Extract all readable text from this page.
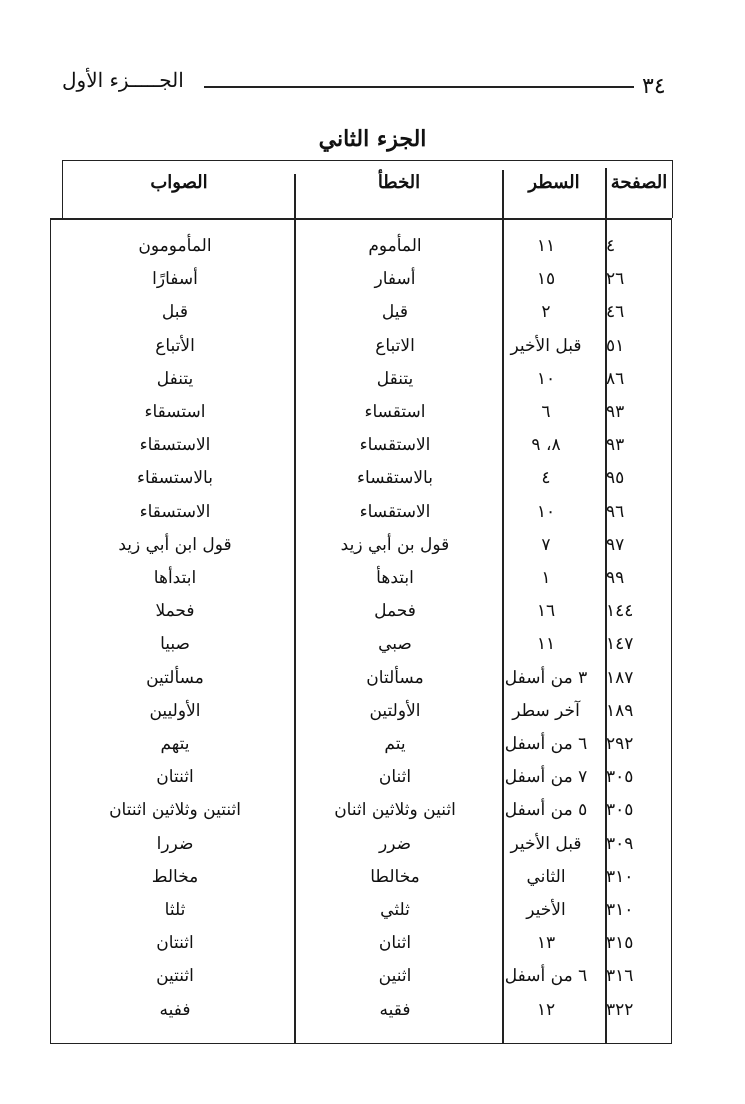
الجـــــزء الأول	٣٤
الجزء الثاني
الصفحة
السطر
الخطأ
الصواب
٤
١١
المأموم
المأمومون
٢٦
١٥
أسفار
أسفارًا
٤٦
٢
قيل
قبل
٥١
قبل الأخير
الاتباع
الأتباع
٨٦
١٠
يتنقل
يتنفل
٩٣
٦
استقساء
استسقاء
٩٣
٨، ٩
الاستقساء
الاستسقاء
٩٥
٤
بالاستقساء
بالاستسقاء
٩٦
١٠
الاستقساء
الاستسقاء
٩٧
٧
قول بن أبي زيد
قول ابن أبي زيد
٩٩
١
ابتدهأ
ابتدأها
١٤٤
١٦
فحمل
فحملا
١٤٧
١١
صبي
صبيا
١٨٧
٣ من أسفل
مسألتان
مسألتين
١٨٩
آخر سطر
الأولتين
الأوليين
٢٩٢
٦ من أسفل
يتم
يتهم
٣٠٥
٧ من أسفل
اثنان
اثنتان
٣٠٥
٥ من أسفل
اثنين وثلاثين اثنان
اثنتين وثلاثين اثنتان
٣٠٩
قبل الأخير
ضرر
ضررا
٣١٠
الثاني
مخالطا
مخالط
٣١٠
الأخير
ثلثي
ثلثا
٣١٥
١٣
اثنان
اثنتان
٣١٦
٦ من أسفل
اثنين
اثنتين
٣٢٢
١٢
فقيه
ففيه
